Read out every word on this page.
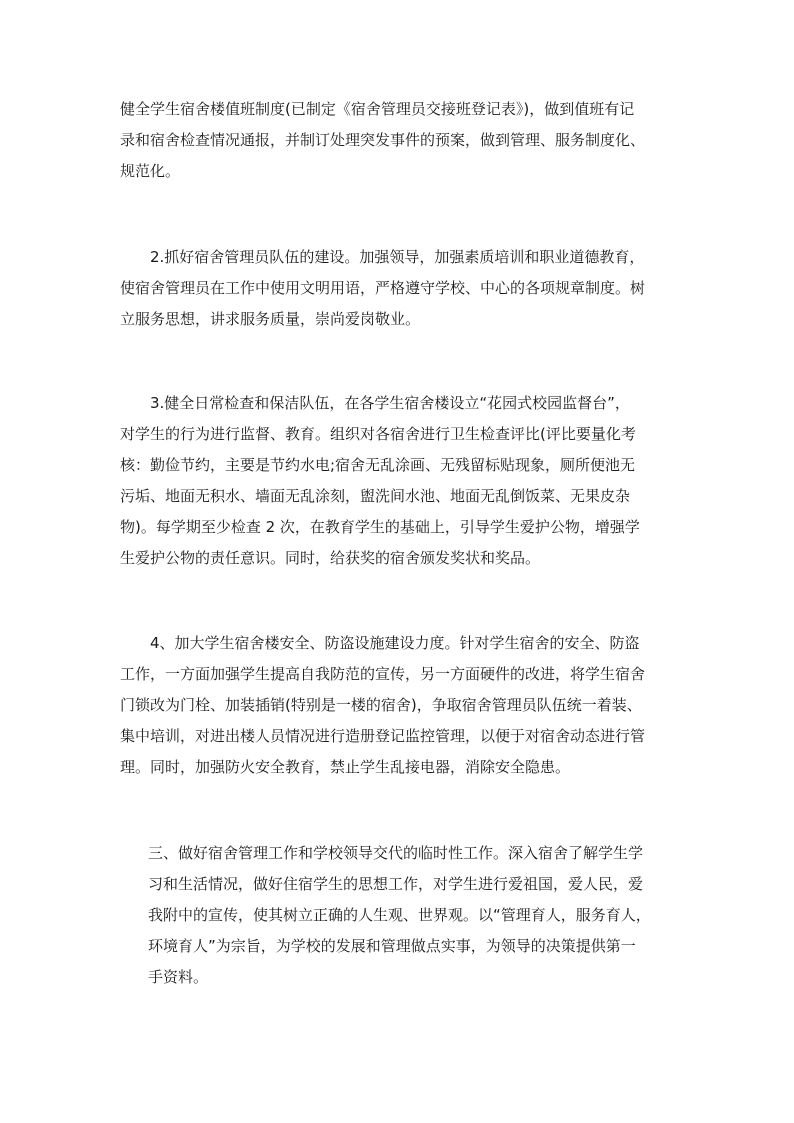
健全学生宿舍楼值班制度(已制定《宿舍管理员交接班登记表》)，做到值班有记
录和宿舍检查情况通报，并制订处理突发事件的预案，做到管理、服务制度化、
规范化。
　　2.抓好宿舍管理员队伍的建设。加强领导，加强素质培训和职业道德教育，
使宿舍管理员在工作中使用文明用语，严格遵守学校、中心的各项规章制度。树
立服务思想，讲求服务质量，崇尚爱岗敬业。
　　3.健全日常检查和保洁队伍，在各学生宿舍楼设立“花园式校园监督台”，
对学生的行为进行监督、教育。组织对各宿舍进行卫生检查评比(评比要量化考
核：勤俭节约，主要是节约水电;宿舍无乱涂画、无残留标贴现象，厕所便池无
污垢、地面无积水、墙面无乱涂刻，盥洗间水池、地面无乱倒饭菜、无果皮杂
物)。每学期至少检查 2 次，在教育学生的基础上，引导学生爱护公物，增强学
生爱护公物的责任意识。同时，给获奖的宿舍颁发奖状和奖品。
　　4、加大学生宿舍楼安全、防盗设施建设力度。针对学生宿舍的安全、防盗
工作，一方面加强学生提高自我防范的宣传，另一方面硬件的改进，将学生宿舍
门锁改为门栓、加装插销(特别是一楼的宿舍)，争取宿舍管理员队伍统一着装、
集中培训，对进出楼人员情况进行造册登记监控管理，以便于对宿舍动态进行管
理。同时，加强防火安全教育，禁止学生乱接电器，消除安全隐患。
三、做好宿舍管理工作和学校领导交代的临时性工作。深入宿舍了解学生学
习和生活情况，做好住宿学生的思想工作，对学生进行爱祖国，爱人民，爱
我附中的宣传，使其树立正确的人生观、世界观。以“管理育人，服务育人，
环境育人”为宗旨，为学校的发展和管理做点实事，为领导的决策提供第一
手资料。
